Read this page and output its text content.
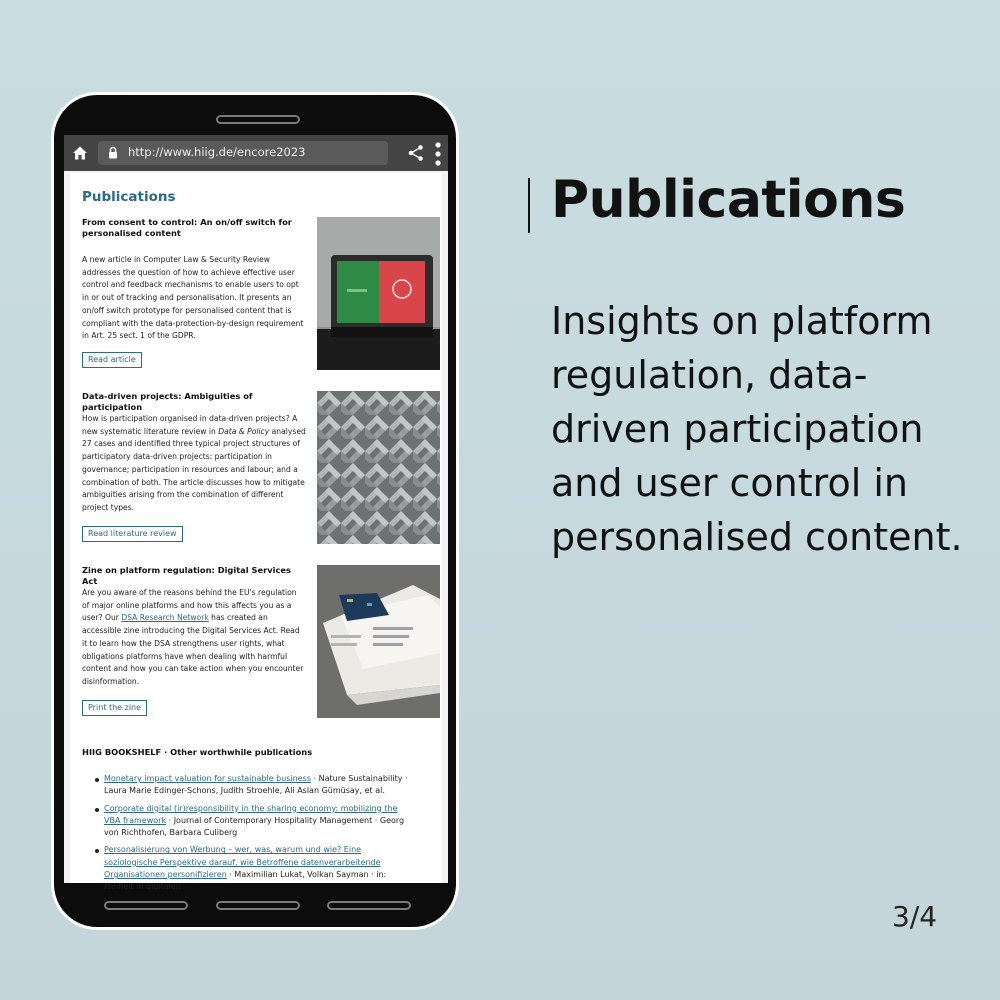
http://www.hiig.de/encore2023
Publications
From consent to control: An on/off switch for personalised content
A new article in Computer Law & Security Review addresses the question of how to achieve effective user control and feedback mechanisms to enable users to opt in or out of tracking and personalisation. It presents an on/off switch prototype for personalised content that is compliant with the data-protection-by-design requirement in Art. 25 sect. 1 of the GDPR.
Read article
Data-driven projects: Ambiguities of participation
How is participation organised in data-driven projects? A new systematic literature review in Data & Policy analysed 27 cases and identified three typical project structures of participatory data-driven projects: participation in governance; participation in resources and labour; and a combination of both. The article discusses how to mitigate ambiguities arising from the combination of different project types.
Read literature review
Zine on platform regulation: Digital Services Act
Are you aware of the reasons behind the EU's regulation of major online platforms and how this affects you as a user? Our DSA Research Network has created an accessible zine introducing the Digital Services Act. Read it to learn how the DSA strengthens user rights, what obligations platforms have when dealing with harmful content and how you can take action when you encounter disinformation.
Print the zine
HIIG BOOKSHELF · Other worthwhile publications
Monetary impact valuation for sustainable business · Nature Sustainability · Laura Marie Edinger-Schons, Judith Stroehle, Ali Aslan Gümüsay, et al.
Corporate digital (ir)responsibility in the sharing economy: mobilizing the VBA framework · Journal of Contemporary Hospitality Management · Georg von Richthofen, Barbara Culiberg
Personalisierung von Werbung – wer, was, warum und wie? Eine soziologische Perspektive darauf, wie Betroffene datenverarbeitende Organisationen personifizieren · Maximilian Lukat, Volkan Sayman · in: Freiheit in digitalen
Publications
Insights on platform regulation, data-driven participation and user control in personalised content.
3/4
